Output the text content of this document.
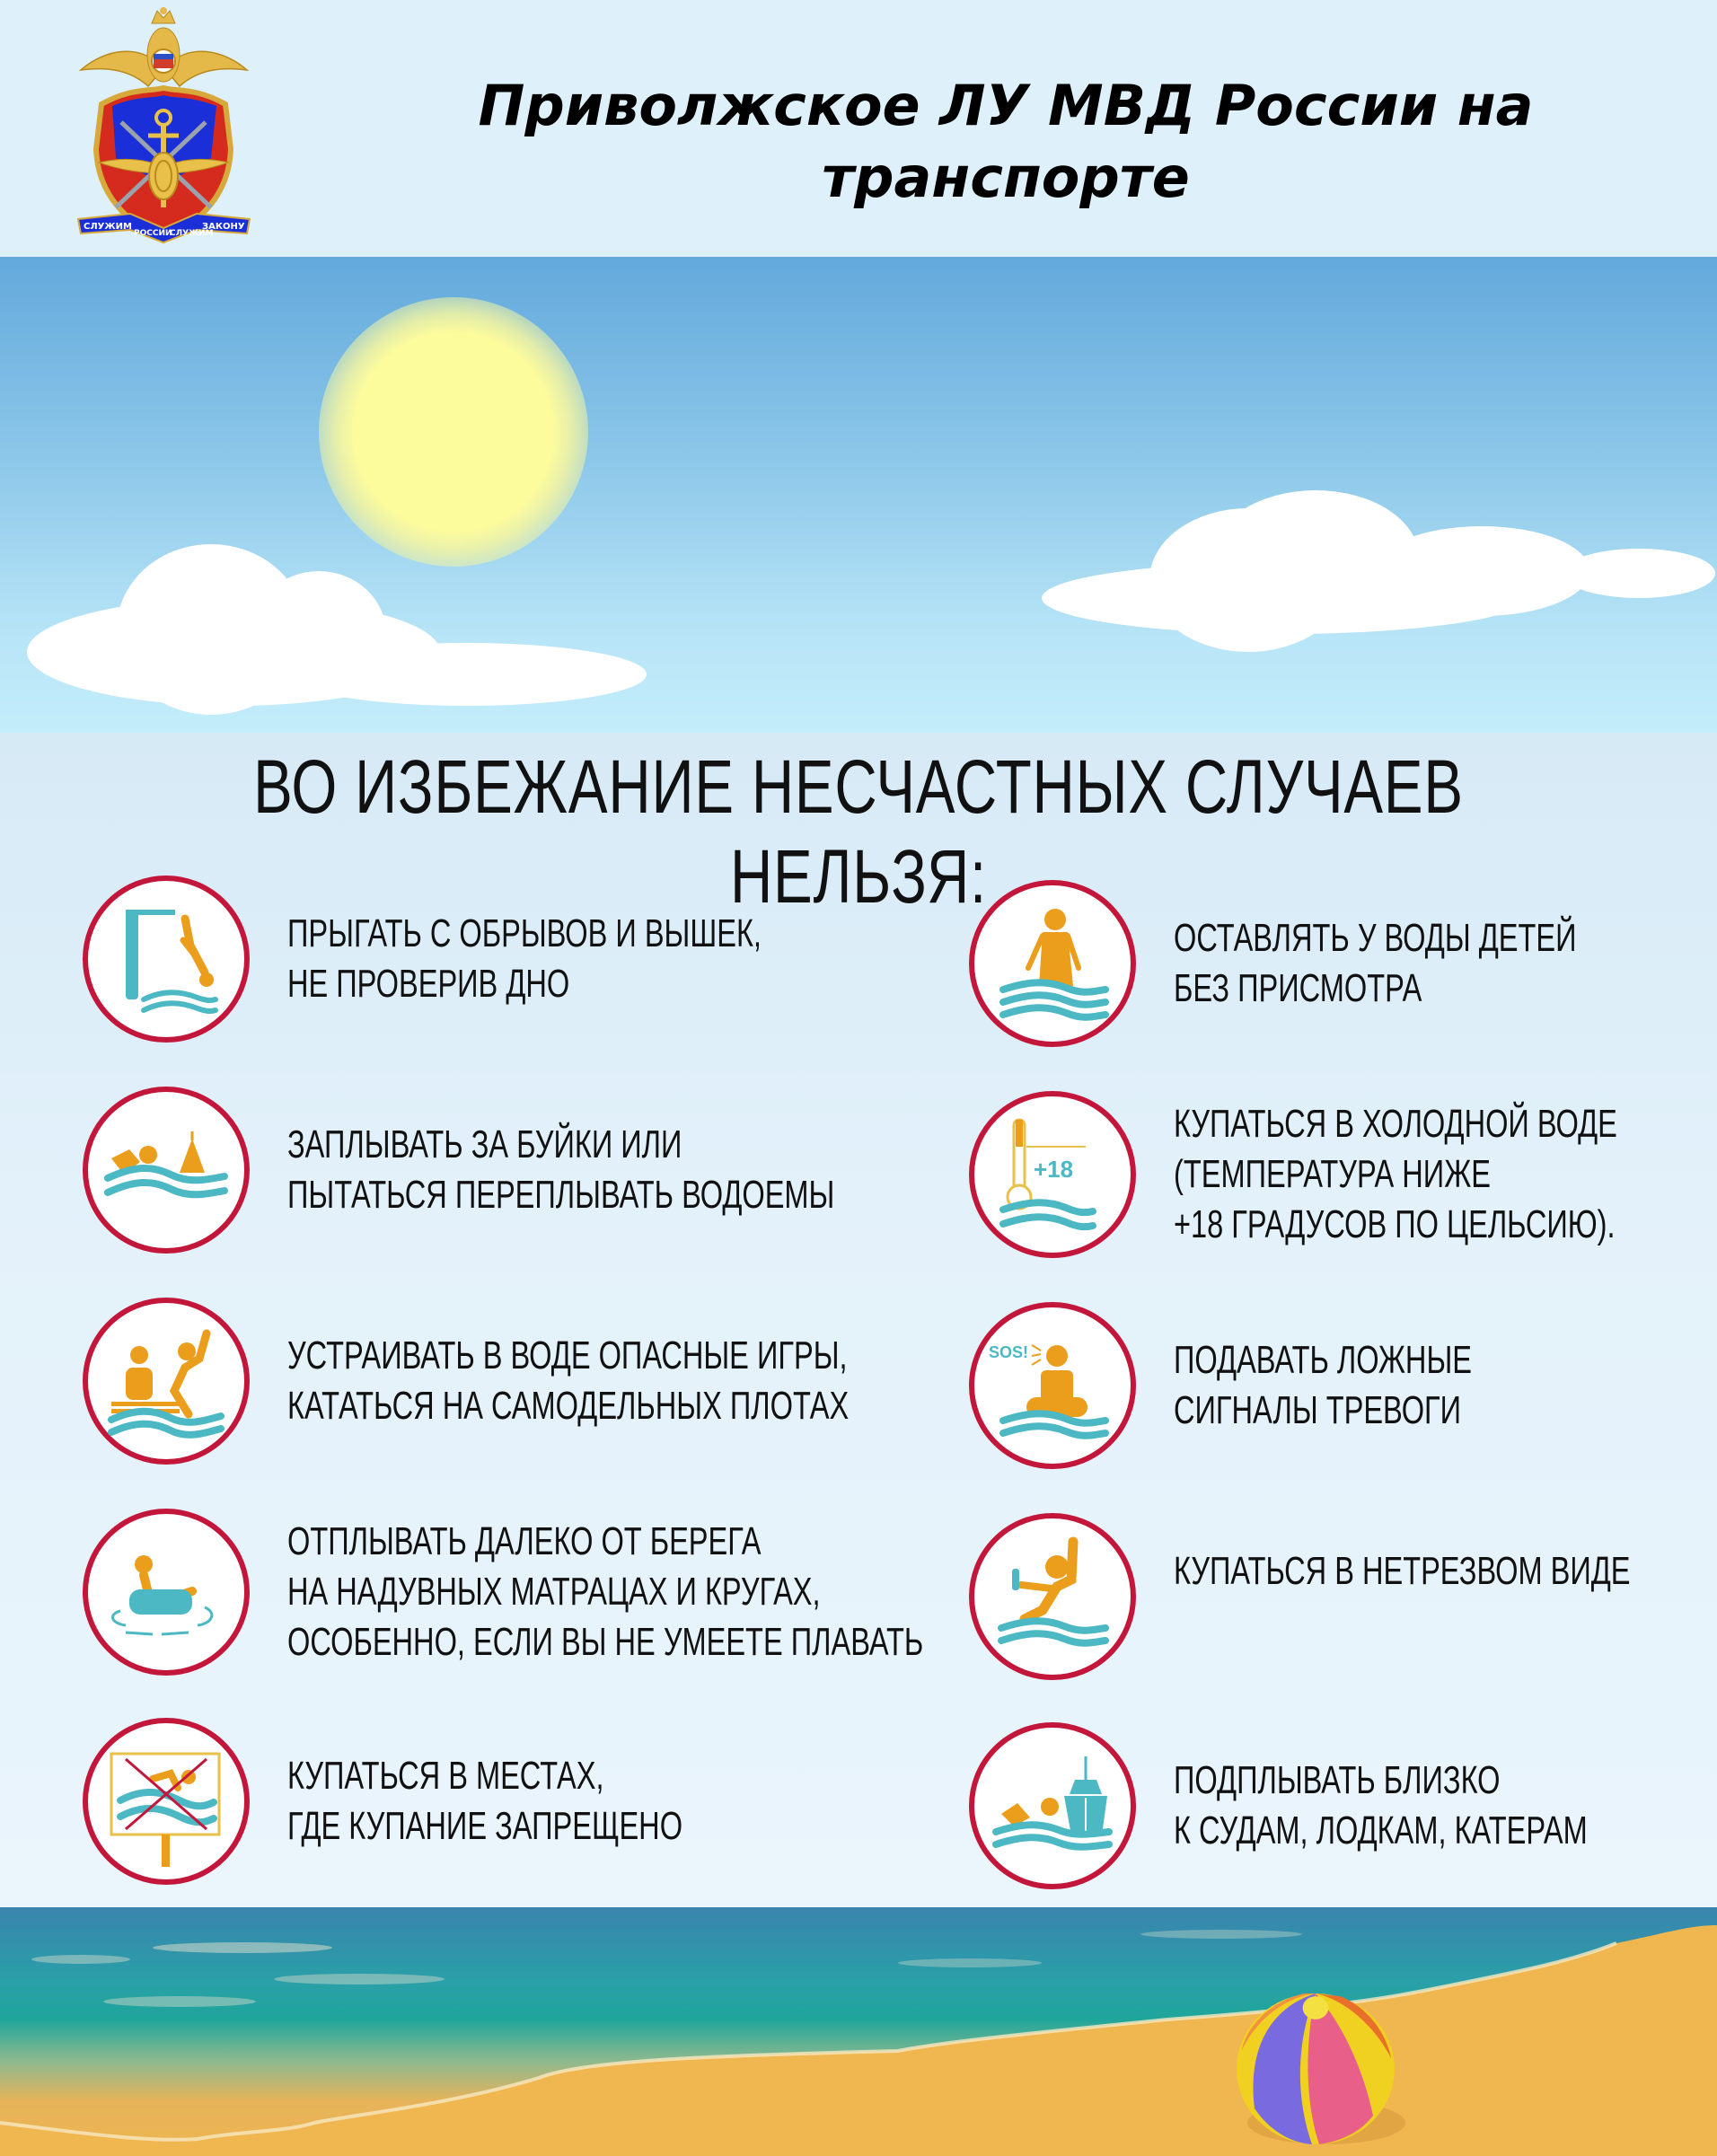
СЛУЖИМ
РОССИИ
СЛУЖИМ
ЗАКОНУ
Приволжское ЛУ МВД России на
транспорте
ВО ИЗБЕЖАНИЕ НЕСЧАСТНЫХ СЛУЧАЕВ НЕЛЬЗЯ:
ПРЫГАТЬ С ОБРЫВОВ И ВЫШЕК,
НЕ ПРОВЕРИВ ДНО
ЗАПЛЫВАТЬ ЗА БУЙКИ ИЛИ
ПЫТАТЬСЯ ПЕРЕПЛЫВАТЬ ВОДОЕМЫ
УСТРАИВАТЬ В ВОДЕ ОПАСНЫЕ ИГРЫ,
КАТАТЬСЯ НА САМОДЕЛЬНЫХ ПЛОТАХ
ОТПЛЫВАТЬ ДАЛЕКО ОТ БЕРЕГА
НА НАДУВНЫХ МАТРАЦАХ И КРУГАХ,
ОСОБЕННО, ЕСЛИ ВЫ НЕ УМЕЕТЕ ПЛАВАТЬ
КУПАТЬСЯ В МЕСТАХ,
ГДЕ КУПАНИЕ ЗАПРЕЩЕНО
ОСТАВЛЯТЬ У ВОДЫ ДЕТЕЙ
БЕЗ ПРИСМОТРА
+18
КУПАТЬСЯ В ХОЛОДНОЙ ВОДЕ
(ТЕМПЕРАТУРА НИЖЕ
+18 ГРАДУСОВ ПО ЦЕЛЬСИЮ).
SOS!	ПОДАВАТЬ ЛОЖНЫЕ
СИГНАЛЫ ТРЕВОГИ
КУПАТЬСЯ В НЕТРЕЗВОМ ВИДЕ
ПОДПЛЫВАТЬ БЛИЗКО
К СУДАМ, ЛОДКАМ, КАТЕРАМ
